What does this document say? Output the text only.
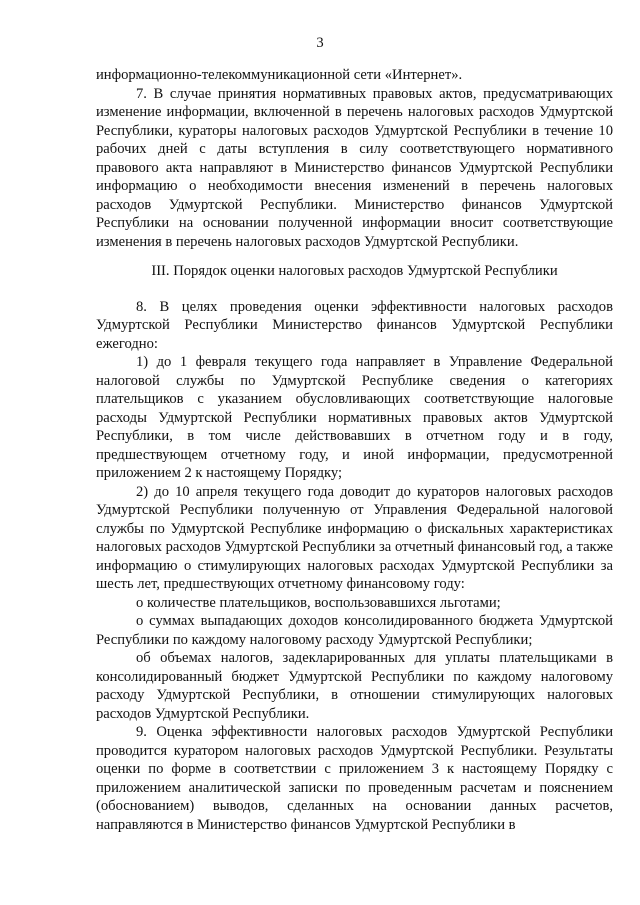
3

информационно-телекоммуникационной сети «Интернет».

7. В случае принятия нормативных правовых актов, предусматривающих изменение информации, включенной в перечень налоговых расходов Удмуртской Республики, кураторы налоговых расходов Удмуртской Республики в течение 10 рабочих дней с даты вступления в силу соответствующего нормативного правового акта направляют в Министерство финансов Удмуртской Республики информацию о необходимости внесения изменений в перечень налоговых расходов Удмуртской Республики. Министерство финансов Удмуртской Республики на основании полученной информации вносит соответствующие изменения в перечень налоговых расходов Удмуртской Республики.

III. Порядок оценки налоговых расходов Удмуртской Республики

8. В целях проведения оценки эффективности налоговых расходов Удмуртской Республики Министерство финансов Удмуртской Республики ежегодно:

1) до 1 февраля текущего года направляет в Управление Федеральной налоговой службы по Удмуртской Республике сведения о категориях плательщиков с указанием обусловливающих соответствующие налоговые расходы Удмуртской Республики нормативных правовых актов Удмуртской Республики, в том числе действовавших в отчетном году и в году, предшествующем отчетному году, и иной информации, предусмотренной приложением 2 к настоящему Порядку;

2) до 10 апреля текущего года доводит до кураторов налоговых расходов Удмуртской Республики полученную от Управления Федеральной налоговой службы по Удмуртской Республике информацию о фискальных характеристиках налоговых расходов Удмуртской Республики за отчетный финансовый год, а также информацию о стимулирующих налоговых расходах Удмуртской Республики за шесть лет, предшествующих отчетному финансовому году:

о количестве плательщиков, воспользовавшихся льготами;

о суммах выпадающих доходов консолидированного бюджета Удмуртской Республики по каждому налоговому расходу Удмуртской Республики;

об объемах налогов, задекларированных для уплаты плательщиками в консолидированный бюджет Удмуртской Республики по каждому налоговому расходу Удмуртской Республики, в отношении стимулирующих налоговых расходов Удмуртской Республики.

9. Оценка эффективности налоговых расходов Удмуртской Республики проводится куратором налоговых расходов Удмуртской Республики. Результаты оценки по форме в соответствии с приложением 3 к настоящему Порядку с приложением аналитической записки по проведенным расчетам и пояснением (обоснованием) выводов, сделанных на основании данных расчетов, направляются в Министерство финансов Удмуртской Республики в
